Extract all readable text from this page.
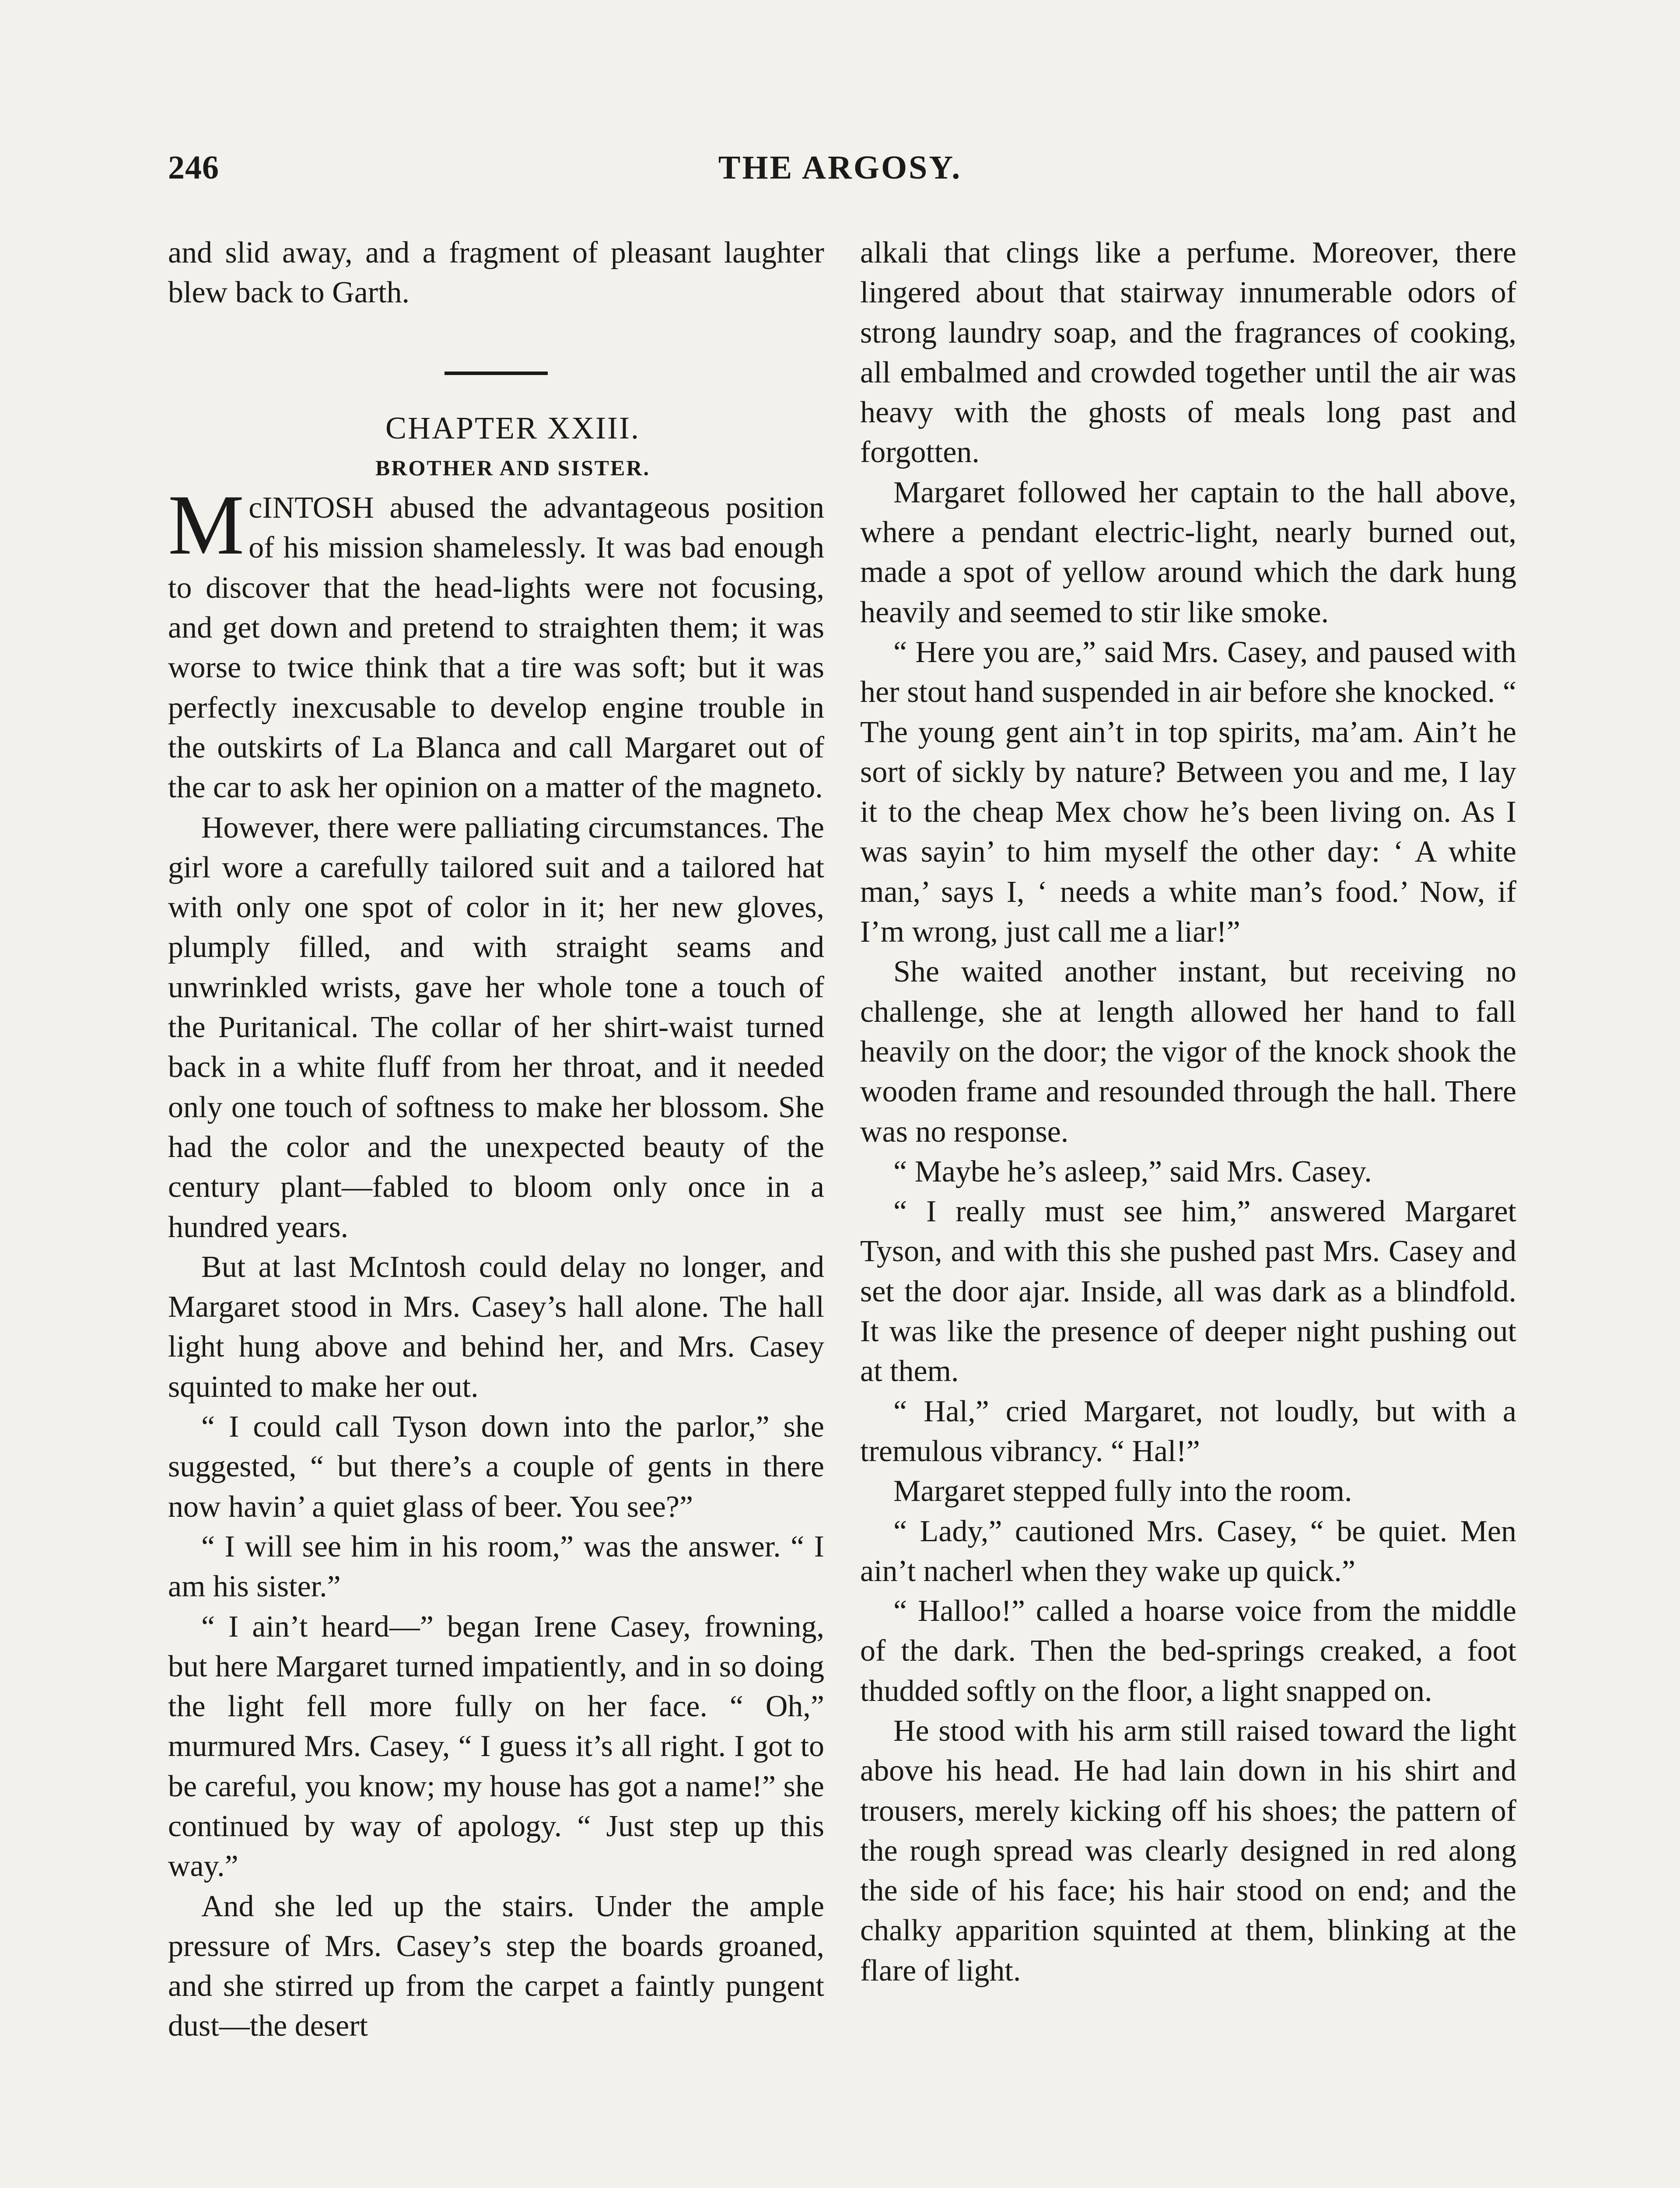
246	THE ARGOSY.

and slid away, and a fragment of pleasant laughter blew back to Garth.

CHAPTER XXIII.

BROTHER AND SISTER.

McINTOSH abused the advantageous position of his mission shamelessly. It was bad enough to discover that the head-lights were not focusing, and get down and pretend to straighten them; it was worse to twice think that a tire was soft; but it was perfectly inexcusable to develop engine trouble in the outskirts of La Blanca and call Margaret out of the car to ask her opinion on a matter of the magneto.

However, there were palliating circumstances. The girl wore a carefully tailored suit and a tailored hat with only one spot of color in it; her new gloves, plumply filled, and with straight seams and unwrinkled wrists, gave her whole tone a touch of the Puritanical. The collar of her shirt-waist turned back in a white fluff from her throat, and it needed only one touch of softness to make her blossom. She had the color and the unexpected beauty of the century plant—fabled to bloom only once in a hundred years.

But at last McIntosh could delay no longer, and Margaret stood in Mrs. Casey’s hall alone. The hall light hung above and behind her, and Mrs. Casey squinted to make her out.

“ I could call Tyson down into the parlor,” she suggested, “ but there’s a couple of gents in there now havin’ a quiet glass of beer. You see?”

“ I will see him in his room,” was the answer. “ I am his sister.”

“ I ain’t heard—” began Irene Casey, frowning, but here Margaret turned impatiently, and in so doing the light fell more fully on her face. “ Oh,” murmured Mrs. Casey, “ I guess it’s all right. I got to be careful, you know; my house has got a name!” she continued by way of apology. “ Just step up this way.”

And she led up the stairs. Under the ample pressure of Mrs. Casey’s step the boards groaned, and she stirred up from the carpet a faintly pungent dust—the desert

alkali that clings like a perfume. Moreover, there lingered about that stairway innumerable odors of strong laundry soap, and the fragrances of cooking, all embalmed and crowded together until the air was heavy with the ghosts of meals long past and forgotten.

Margaret followed her captain to the hall above, where a pendant electric-light, nearly burned out, made a spot of yellow around which the dark hung heavily and seemed to stir like smoke.

“ Here you are,” said Mrs. Casey, and paused with her stout hand suspended in air before she knocked. “ The young gent ain’t in top spirits, ma’am. Ain’t he sort of sickly by nature? Between you and me, I lay it to the cheap Mex chow he’s been living on. As I was sayin’ to him myself the other day: ‘ A white man,’ says I, ‘ needs a white man’s food.’ Now, if I’m wrong, just call me a liar!”

She waited another instant, but receiving no challenge, she at length allowed her hand to fall heavily on the door; the vigor of the knock shook the wooden frame and resounded through the hall. There was no response.

“ Maybe he’s asleep,” said Mrs. Casey.

“ I really must see him,” answered Margaret Tyson, and with this she pushed past Mrs. Casey and set the door ajar. Inside, all was dark as a blindfold. It was like the presence of deeper night pushing out at them.

“ Hal,” cried Margaret, not loudly, but with a tremulous vibrancy. “ Hal!”

Margaret stepped fully into the room.

“ Lady,” cautioned Mrs. Casey, “ be quiet. Men ain’t nacherl when they wake up quick.”

“ Halloo!” called a hoarse voice from the middle of the dark. Then the bed-springs creaked, a foot thudded softly on the floor, a light snapped on.

He stood with his arm still raised toward the light above his head. He had lain down in his shirt and trousers, merely kicking off his shoes; the pattern of the rough spread was clearly designed in red along the side of his face; his hair stood on end; and the chalky apparition squinted at them, blinking at the flare of light.
